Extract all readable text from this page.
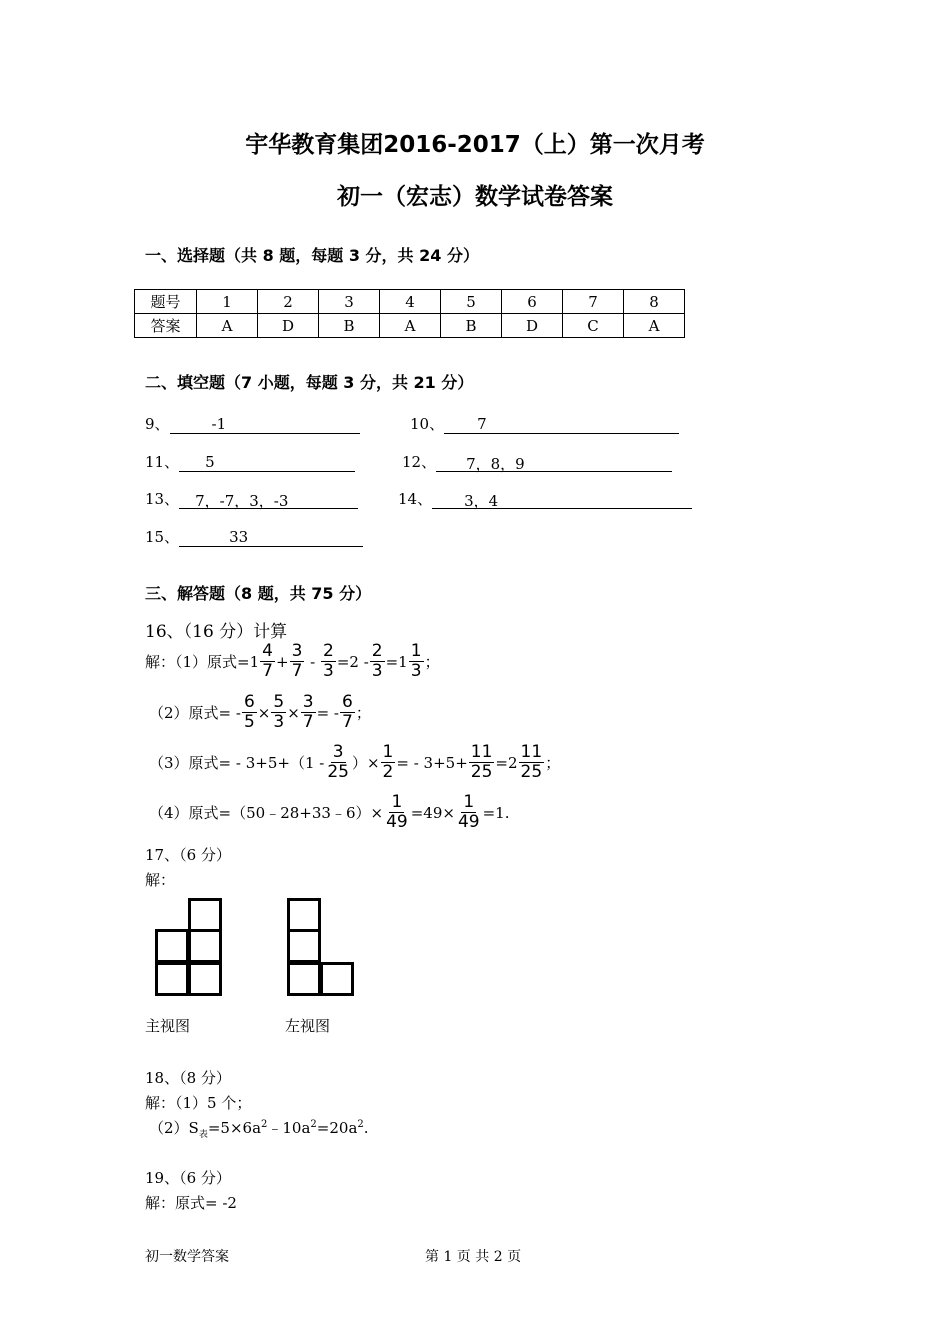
宇华教育集团2016-2017（上）第一次月考
初一（宏志）数学试卷答案
一、选择题（共 8 题，每题 3 分，共 24 分）
题号	1	2	3	4	5	6	7	8
答案	A	D	B	A	B	D	C	A
二、填空题（7 小题，每题 3 分，共 21 分）
9、	-1	10、 7
11、 5	12、 7，8，9
13、 7，-7，3，-3	14、 3，4
15、	33
三、解答题（8 题，共 75 分）
16、（16 分）计算
解：（1）原式$=1 \frac{4}{7} + \frac{3}{7} - \frac{2}{3} =2 - \frac{2}{3} =1 \frac{1}{3}$ ；
（2）原式= - $\frac{6}{5} \times \frac{5}{3} \times \frac{3}{7}$ = - $\frac{6}{7}$ ；
（3）原式= - $3+5+(1 - \frac{3}{25}$ ）× $\frac{1}{2}$ = - $3+5+ \frac{11}{25} =2 \frac{11}{25}$ ；
（4）原式=（50﹣28+33﹣6）× $\frac{1}{49} =49\times \frac{1}{49} =1$.
17、（6 分）
解：
主视图	左视图
18、（8 分）
解：（1）5 个；
$(2)S_表=5\times 6a^2﹣10a^2=20a^2$.
19、（6 分）
解：原式= -2
初一数学答案	第 1 页 共 2 页
